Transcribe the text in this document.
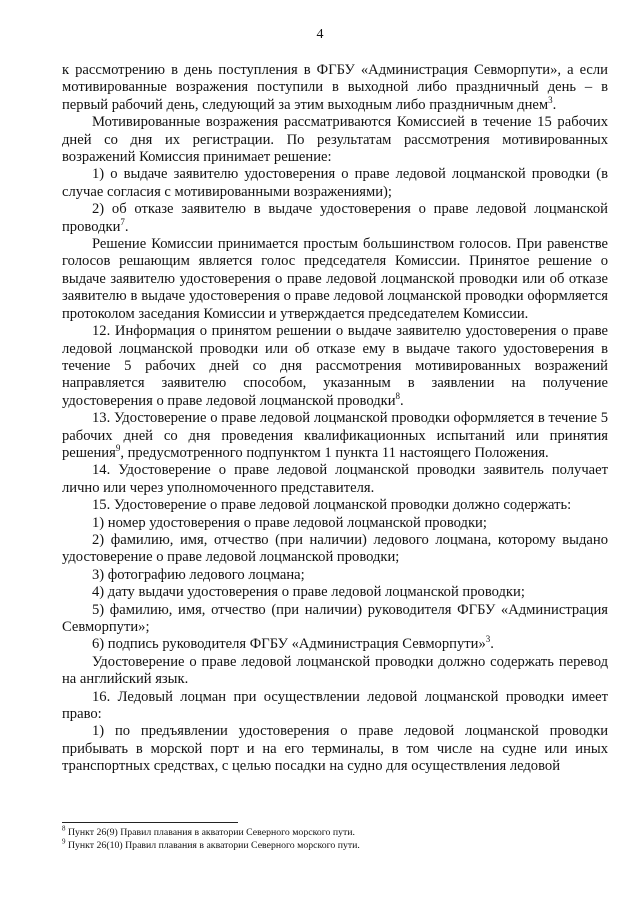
4

к рассмотрению в день поступления в ФГБУ «Администрация Севморпути», а если мотивированные возражения поступили в выходной либо праздничный день – в первый рабочий день, следующий за этим выходным либо праздничным днем$^3$.

Мотивированные возражения рассматриваются Комиссией в течение 15 рабочих дней со дня их регистрации. По результатам рассмотрения мотивированных возражений Комиссия принимает решение:

1) о выдаче заявителю удостоверения о праве ледовой лоцманской проводки (в случае согласия с мотивированными возражениями);

2) об отказе заявителю в выдаче удостоверения о праве ледовой лоцманской проводки$^7$.

Решение Комиссии принимается простым большинством голосов. При равенстве голосов решающим является голос председателя Комиссии. Принятое решение о выдаче заявителю удостоверения о праве ледовой лоцманской проводки или об отказе заявителю в выдаче удостоверения о праве ледовой лоцманской проводки оформляется протоколом заседания Комиссии и утверждается председателем Комиссии.

12. Информация о принятом решении о выдаче заявителю удостоверения о праве ледовой лоцманской проводки или об отказе ему в выдаче такого удостоверения в течение 5 рабочих дней со дня рассмотрения мотивированных возражений направляется заявителю способом, указанным в заявлении на получение удостоверения о праве ледовой лоцманской проводки$^8$.

13. Удостоверение о праве ледовой лоцманской проводки оформляется в течение 5 рабочих дней со дня проведения квалификационных испытаний или принятия решения$^9$, предусмотренного подпунктом 1 пункта 11 настоящего Положения.

14. Удостоверение о праве ледовой лоцманской проводки заявитель получает лично или через уполномоченного представителя.

15. Удостоверение о праве ледовой лоцманской проводки должно содержать:

1) номер удостоверения о праве ледовой лоцманской проводки;

2) фамилию, имя, отчество (при наличии) ледового лоцмана, которому выдано удостоверение о праве ледовой лоцманской проводки;

3) фотографию ледового лоцмана;

4) дату выдачи удостоверения о праве ледовой лоцманской проводки;

5) фамилию, имя, отчество (при наличии) руководителя ФГБУ «Администрация Севморпути»;

6) подпись руководителя ФГБУ «Администрация Севморпути»$^3$.

Удостоверение о праве ледовой лоцманской проводки должно содержать перевод на английский язык.

16. Ледовый лоцман при осуществлении ледовой лоцманской проводки имеет право:

1) по предъявлении удостоверения о праве ледовой лоцманской проводки прибывать в морской порт и на его терминалы, в том числе на судне или иных транспортных средствах, с целью посадки на судно для осуществления ледовой

$^8$ Пункт 26(9) Правил плавания в акватории Северного морского пути.

$^9$ Пункт 26(10) Правил плавания в акватории Северного морского пути.
